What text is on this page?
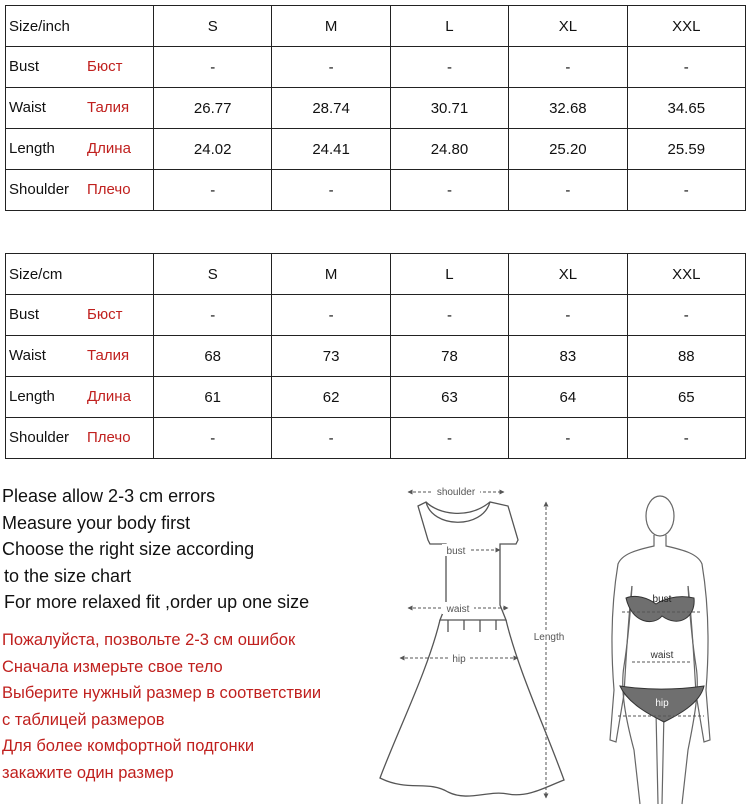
Size/inch	S	M	L	XL	XXL

Bust Бюст	-	-	-	-	-

Waist Талия	26.77	28.74	30.71	32.68	34.65

Length Длина	24.02	24.41	24.80	25.20	25.59

Shoulder Плечо	-	-	-	-	-
Size/cm	S	M	L	XL	XXL

Bust Бюст	-	-	-	-	-

Waist Талия	68	73	78	83	88

Length Длина	61	62	63	64	65

Shoulder Плечо	-	-	-	-	-
Please allow 2-3 cm errors
Measure your body first
Choose the right size according
to the size chart
For more relaxed fit ,order up one size
Пожалуйста, позвольте 2-3 см ошибок
Сначала измерьте свое тело
Выберите нужный размер в соответствии
с таблицей размеров
Для более комфортной подгонки
закажите один размер
shoulder
bust
waist
hip
Length
bust
waist
hip
